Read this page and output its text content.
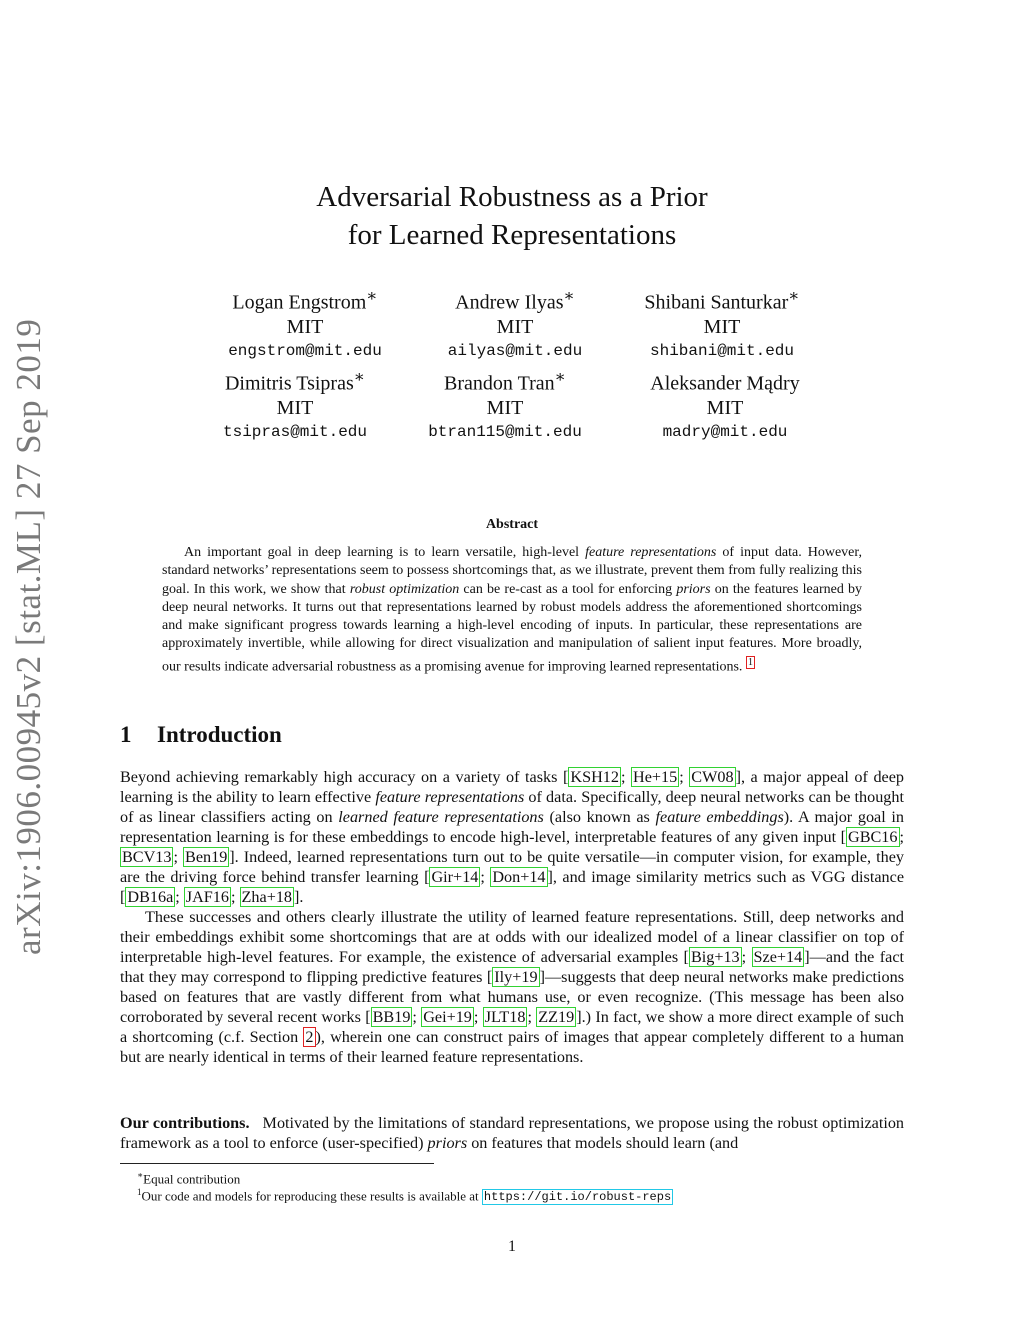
arXiv:1906.00945v2 [stat.ML] 27 Sep 2019
Adversarial Robustness as a Prior
for Learned Representations
Logan Engstrom∗
MIT
engstrom@mit.edu
Andrew Ilyas∗
MIT
ailyas@mit.edu
Shibani Santurkar∗
MIT
shibani@mit.edu
Dimitris Tsipras∗
MIT
tsipras@mit.edu
Brandon Tran∗
MIT
btran115@mit.edu
Aleksander Mądry
MIT
madry@mit.edu
Abstract

An important goal in deep learning is to learn versatile, high-level feature representations of input data. However, standard networks’ representations seem to possess shortcomings that, as we illustrate, prevent them from fully realizing this goal. In this work, we show that robust optimization can be re-cast as a tool for enforcing priors on the features learned by deep neural networks. It turns out that representations learned by robust models address the aforementioned shortcomings and make significant progress towards learning a high-level encoding of inputs. In particular, these representations are approximately invertible, while allowing for direct visualization and manipulation of salient input features. More broadly, our results indicate adversarial robustness as a promising avenue for improving learned representations. $^1$

1 Introduction

Beyond achieving remarkably high accuracy on a variety of tasks [ KSH12 ; He+15 ; CW08 ], a major appeal of deep learning is the ability to learn effective feature representations of data. Specifically, deep neural networks can be thought of as linear classifiers acting on learned feature representations (also known as feature embeddings). A major goal in representation learning is for these embeddings to encode high-level, interpretable features of any given input [ GBC16 ; BCV13 ; Ben19 ]. Indeed, learned representations turn out to be quite versatile—in computer vision, for example, they are the driving force behind transfer learning [ Gir+14 ; Don+14 ], and image similarity metrics such as VGG distance [ DB16a ; JAF16 ; Zha+18 ].

These successes and others clearly illustrate the utility of learned feature representations. Still, deep networks and their embeddings exhibit some shortcomings that are at odds with our idealized model of a linear classifier on top of interpretable high-level features. For example, the existence of adversarial examples [ Big+13 ; Sze+14 ]—and the fact that they may correspond to flipping predictive features [ Ily+19 ]—suggests that deep neural networks make predictions based on features that are vastly different from what humans use, or even recognize. (This message has been also corroborated by several recent works [ BB19 ; Gei+19 ; JLT18 ; ZZ19 ].) In fact, we show a more direct example of such a shortcoming (c.f. Section 2 ), wherein one can construct pairs of images that appear completely different to a human but are nearly identical in terms of their learned feature representations.

Our contributions.   Motivated by the limitations of standard representations, we propose using the robust optimization framework as a tool to enforce (user-specified) priors on features that models should learn (and

∗Equal contribution
$^1$Our code and models for reproducing these results is available at https://git.io/robust-reps
1
